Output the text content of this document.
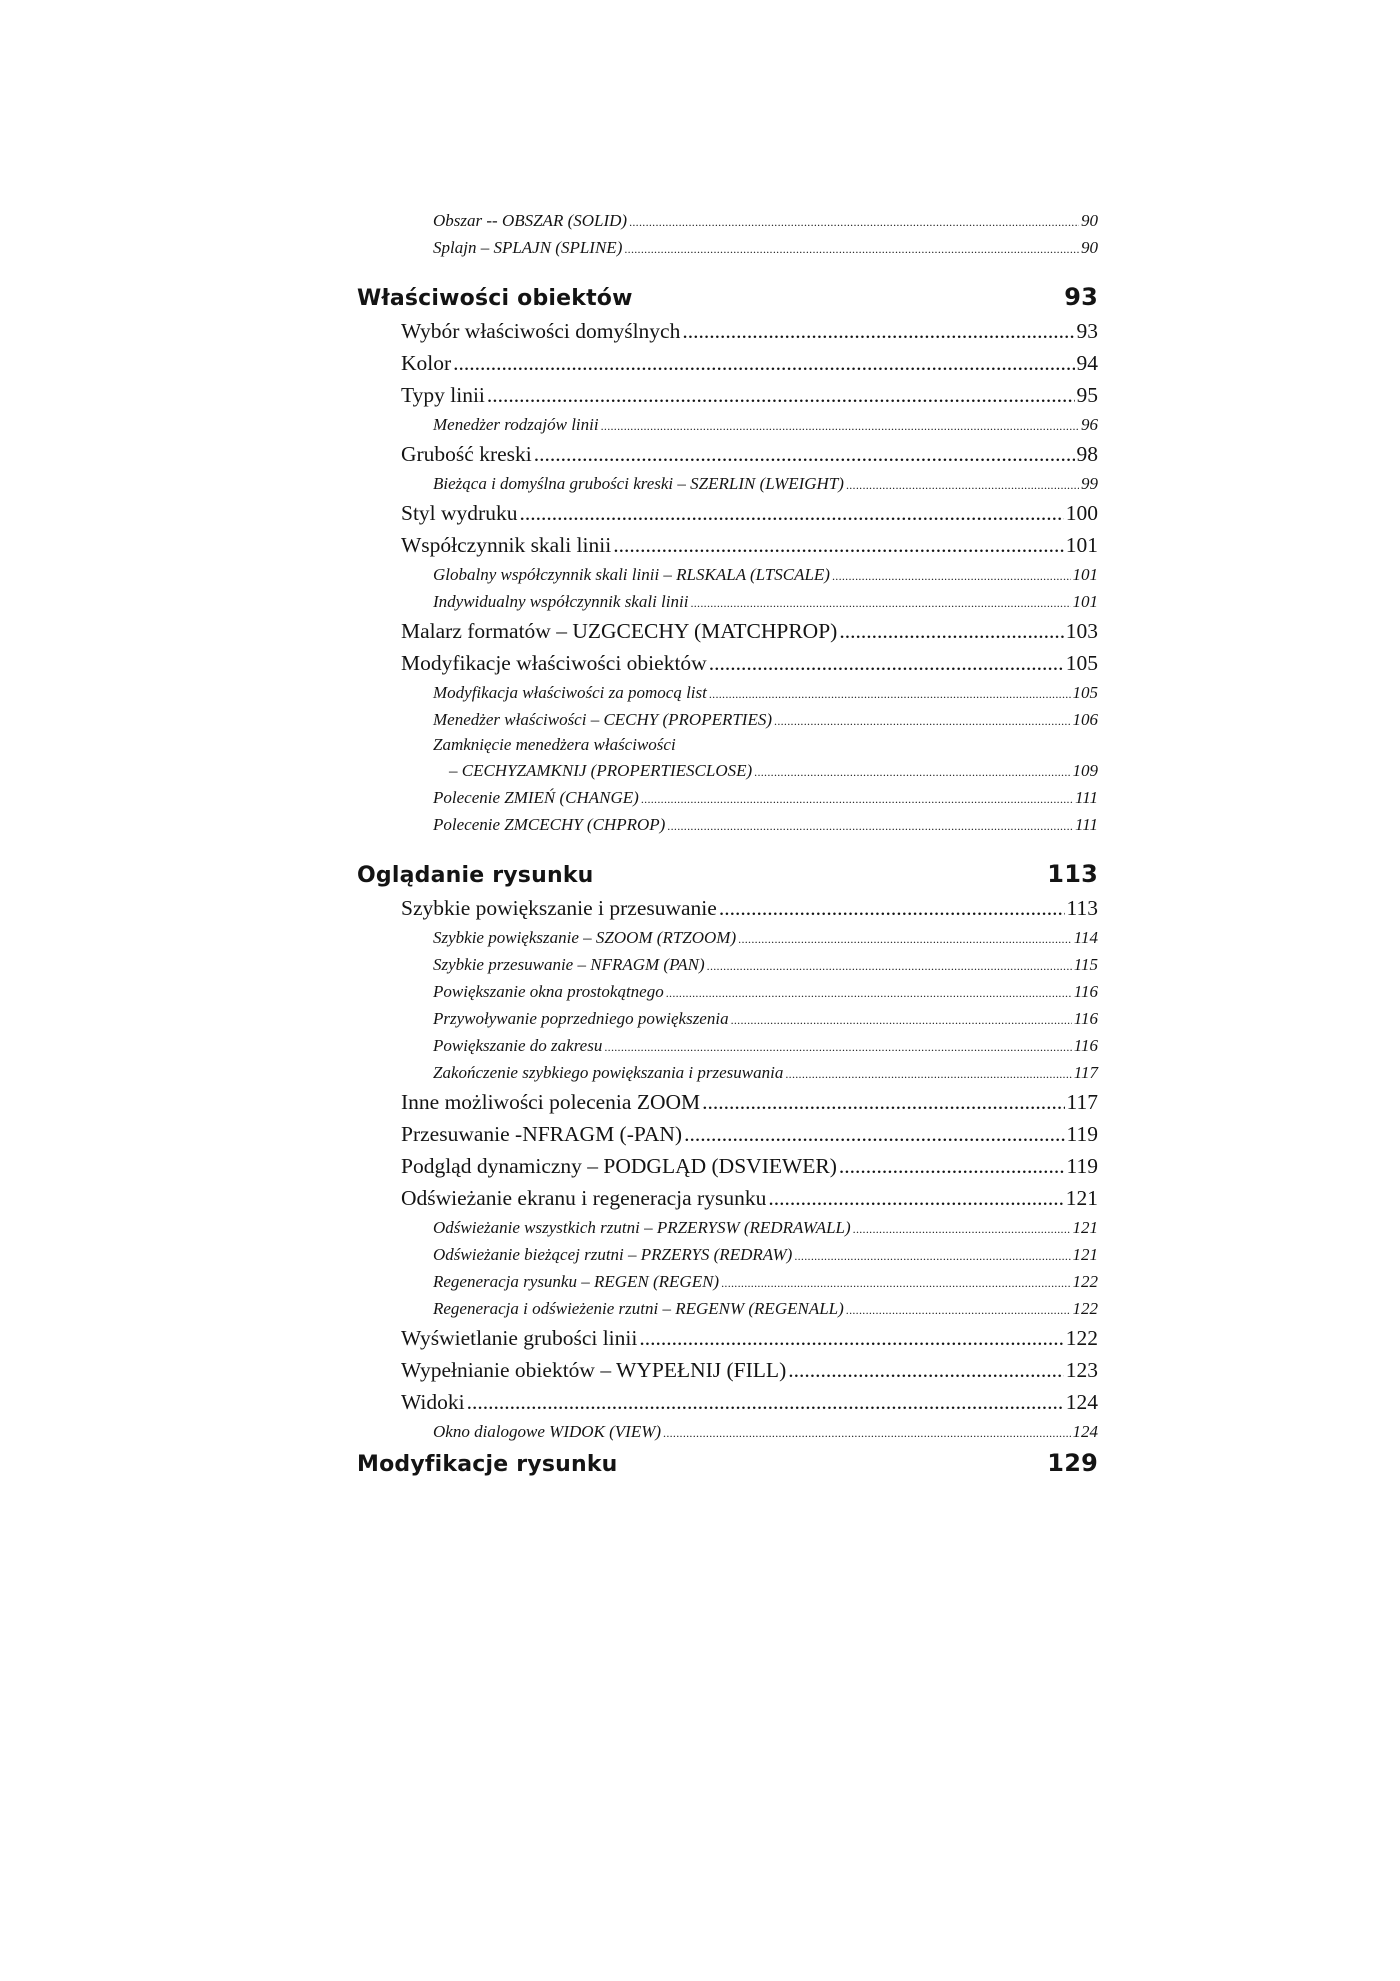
Obszar -- OBSZAR (SOLID) .....	90
Splajn – SPLAJN (SPLINE) .....	90
Właściwości obiektów	93
Wybór właściwości domyślnych .....	93
Kolor .....	94
Typy linii .....	95
Menedżer rodzajów linii .....	96
Grubość kreski .....	98
Bieżąca i domyślna grubości kreski – SZERLIN (LWEIGHT) .....	99
Styl wydruku .....	100
Współczynnik skali linii .....	101
Globalny współczynnik skali linii – RLSKALA (LTSCALE) .....	101
Indywidualny współczynnik skali linii .....	101
Malarz formatów – UZGCECHY (MATCHPROP) .....	103
Modyfikacje właściwości obiektów .....	105
Modyfikacja właściwości za pomocą list .....	105
Menedżer właściwości – CECHY (PROPERTIES) .....	106
Zamknięcie menedżera właściwości
– CECHYZAMKNIJ (PROPERTIESCLOSE) .....	109
Polecenie ZMIEŃ (CHANGE) .....	111
Polecenie ZMCECHY (CHPROP) .....	111
Oglądanie rysunku	113
Szybkie powiększanie i przesuwanie .....	113
Szybkie powiększanie – SZOOM (RTZOOM) .....	114
Szybkie przesuwanie – NFRAGM (PAN) .....	115
Powiększanie okna prostokątnego .....	116
Przywoływanie poprzedniego powiększenia .....	116
Powiększanie do zakresu .....	116
Zakończenie szybkiego powiększania i przesuwania .....	117
Inne możliwości polecenia ZOOM .....	117
Przesuwanie -NFRAGM (-PAN) .....	119
Podgląd dynamiczny – PODGLĄD (DSVIEWER) .....	119
Odświeżanie ekranu i regeneracja rysunku .....	121
Odświeżanie wszystkich rzutni – PRZERYSW (REDRAWALL) .....	121
Odświeżanie bieżącej rzutni – PRZERYS (REDRAW) .....	121
Regeneracja rysunku – REGEN (REGEN) .....	122
Regeneracja i odświeżenie rzutni – REGENW (REGENALL) .....	122
Wyświetlanie grubości linii .....	122
Wypełnianie obiektów – WYPEŁNIJ (FILL) .....	123
Widoki .....	124
Okno dialogowe WIDOK (VIEW) .....	124
Modyfikacje rysunku	129
